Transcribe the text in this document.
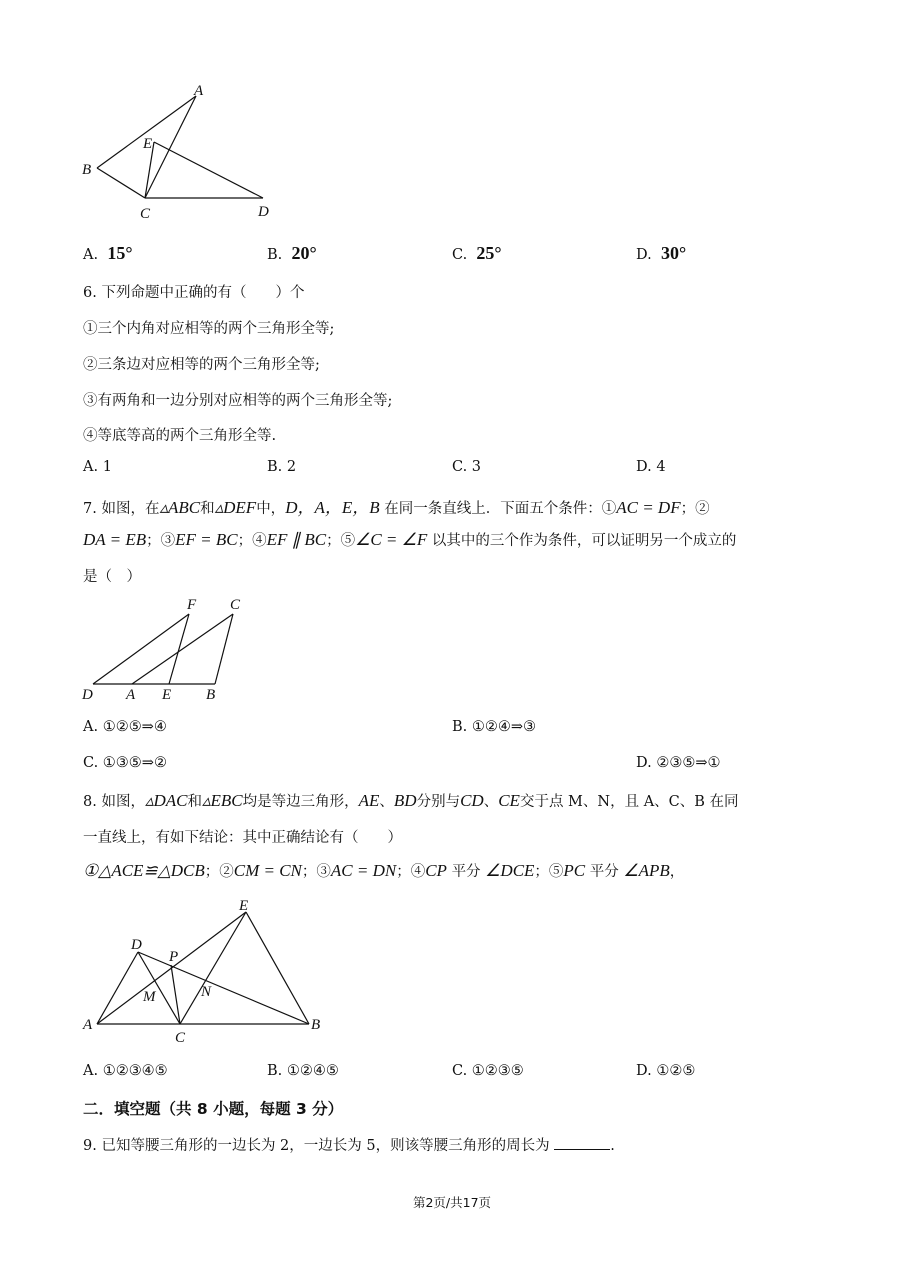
A
E
B
C	D
A. 15°	B. 20°	C. 25°	D. 30°
6. 下列命题中正确的有（　　）个
①三个内角对应相等的两个三角形全等;
②三条边对应相等的两个三角形全等;
③有两角和一边分别对应相等的两个三角形全等;
④等底等高的两个三角形全等.
A. 1	B. 2	C. 3	D. 4
7. 如图，在▵ABC和▵DEF中，D，A，E，B 在同一条直线上．下面五个条件：①AC = DF；②
DA = EB；③EF = BC；④EF ∥ BC；⑤∠C = ∠F 以其中的三个作为条件，可以证明另一个成立的
是（　）
F C
D A E B
A. ①②⑤⇒④	B. ①②④⇒③
C. ①③⑤⇒②	D. ②③⑤⇒①
8. 如图，▵DAC和▵EBC均是等边三角形，AE、BD分别与CD、CE交于点 M、N，且 A、C、B 在同
一直线上，有如下结论：其中正确结论有（　　）
①△ACE≌△DCB；②CM = CN；③AC = DN；④CP 平分 ∠DCE；⑤PC 平分 ∠APB，
E
D
P
M	N
A
C
B
A. ①②③④⑤	B. ①②④⑤	C. ①②③⑤	D. ①②⑤
二．填空题（共 8 小题，每题 3 分）
9. 已知等腰三角形的一边长为 2，一边长为 5，则该等腰三角形的周长为	.
第2页/共17页
